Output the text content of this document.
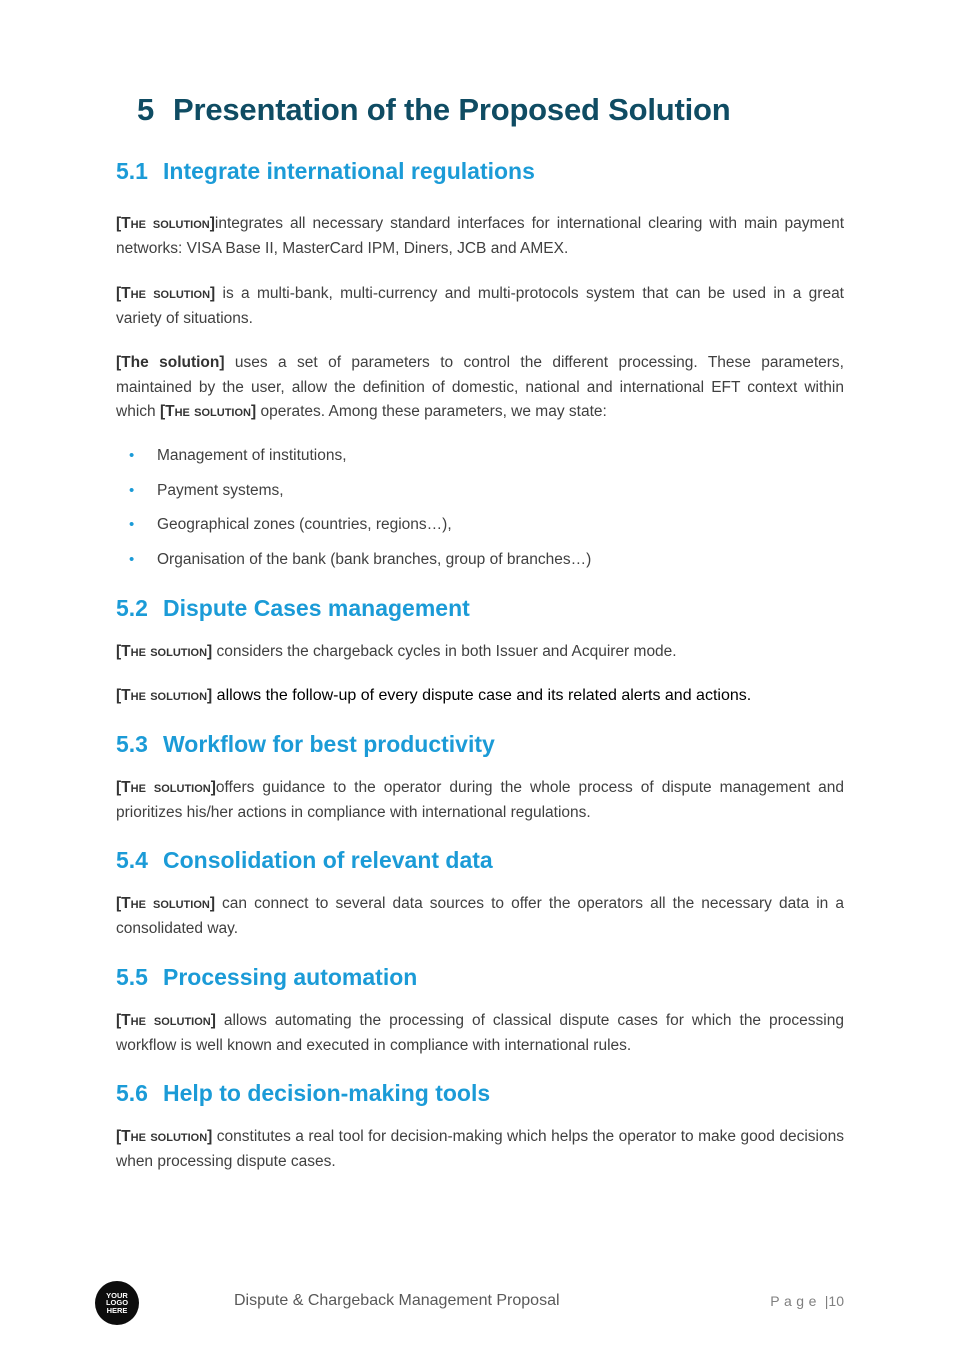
5 Presentation of the Proposed Solution
5.1 Integrate international regulations

[The solution]integrates all necessary standard interfaces for international clearing with main payment networks: VISA Base II, MasterCard IPM, Diners, JCB and AMEX.

[The solution] is a multi-bank, multi-currency and multi-protocols system that can be used in a great variety of situations.

[The solution] uses a set of parameters to control the different processing. These parameters, maintained by the user, allow the definition of domestic, national and international EFT context within which [The solution] operates. Among these parameters, we may state:

• Management of institutions,
• Payment systems,
• Geographical zones (countries, regions…),
• Organisation of the bank (bank branches, group of branches…)
5.2 Dispute Cases management

[The solution] considers the chargeback cycles in both Issuer and Acquirer mode.

[The solution] allows the follow-up of every dispute case and its related alerts and actions.

5.3 Workflow for best productivity

[The solution]offers guidance to the operator during the whole process of dispute management and prioritizes his/her actions in compliance with international regulations.

5.4 Consolidation of relevant data

[The solution] can connect to several data sources to offer the operators all the necessary data in a consolidated way.

5.5 Processing automation

[The solution] allows automating the processing of classical dispute cases for which the processing workflow is well known and executed in compliance with international rules.

5.6 Help to decision-making tools

[The solution] constitutes a real tool for decision-making which helps the operator to make good decisions when processing dispute cases.

YOUR
LOGO
HERE
Dispute & Chargeback Management Proposal	Page |10
